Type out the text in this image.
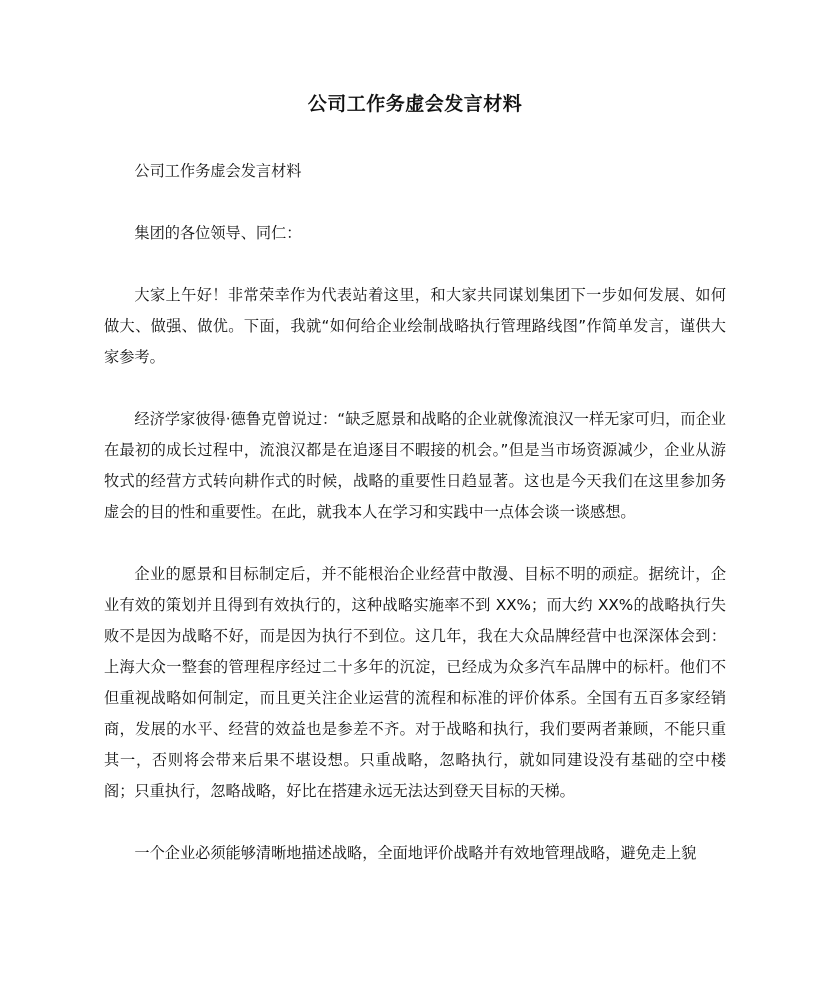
公司工作务虚会发言材料

公司工作务虚会发言材料

集团的各位领导、同仁：

大家上午好！非常荣幸作为代表站着这里，和大家共同谋划集团下一步如何发展、如何做大、做强、做优。下面，我就“如何给企业绘制战略执行管理路线图”作简单发言，谨供大家参考。

经济学家彼得·德鲁克曾说过：“缺乏愿景和战略的企业就像流浪汉一样无家可归，而企业在最初的成长过程中，流浪汉都是在追逐目不暇接的机会。”但是当市场资源减少，企业从游牧式的经营方式转向耕作式的时候，战略的重要性日趋显著。这也是今天我们在这里参加务虚会的目的性和重要性。在此，就我本人在学习和实践中一点体会谈一谈感想。

企业的愿景和目标制定后，并不能根治企业经营中散漫、目标不明的顽症。据统计，企业有效的策划并且得到有效执行的，这种战略实施率不到 XX%；而大约 XX%的战略执行失败不是因为战略不好，而是因为执行不到位。这几年，我在大众品牌经营中也深深体会到：上海大众一整套的管理程序经过二十多年的沉淀，已经成为众多汽车品牌中的标杆。他们不但重视战略如何制定，而且更关注企业运营的流程和标准的评价体系。全国有五百多家经销商，发展的水平、经营的效益也是参差不齐。对于战略和执行，我们要两者兼顾，不能只重其一，否则将会带来后果不堪设想。只重战略，忽略执行，就如同建设没有基础的空中楼阁；只重执行，忽略战略，好比在搭建永远无法达到登天目标的天梯。

一个企业必须能够清晰地描述战略，全面地评价战略并有效地管理战略，避免走上貌
